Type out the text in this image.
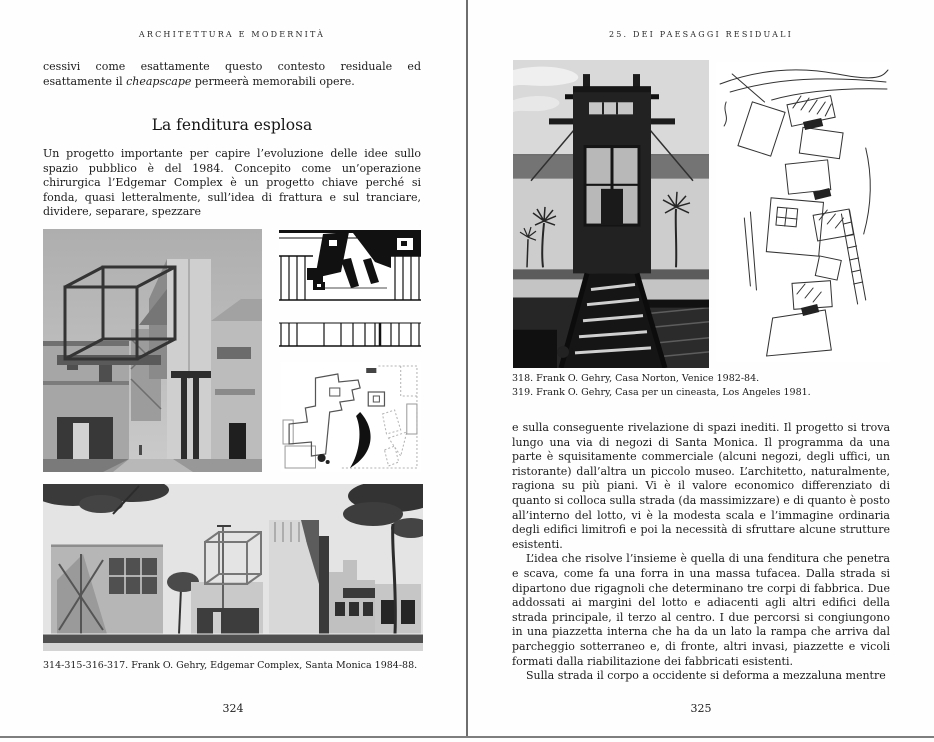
ARCHITETTURA E MODERNITÀ

cessivi come esattamente questo contesto residuale ed esattamente il cheapscape permeerà memorabili opere.

La fenditura esplosa

Un progetto importante per capire l’evoluzione delle idee sullo spazio pubblico è del 1984. Concepito come un’operazione chirurgica l’Edgemar Complex è un progetto chiave perché si fonda, quasi letteralmente, sull’idea di frattura e sul tranciare, dividere, separare, spezzare

314-315-316-317. Frank O. Gehry, Edgemar Complex, Santa Monica 1984-88.
324
25. DEI PAESAGGI RESIDUALI
318. Frank O. Gehry, Casa Norton, Venice 1982-84.
319. Frank O. Gehry, Casa per un cineasta, Los Angeles 1981.

e sulla conseguente rivelazione di spazi inediti. Il progetto si trova lungo una via di negozi di Santa Monica. Il programma da una parte è squisitamente commerciale (alcuni negozi, degli uffici, un ristorante) dall’altra un piccolo museo. L’architetto, naturalmente, ragiona su più piani. Vi è il valore economico differenziato di quanto si colloca sulla strada (da massimizzare) e di quanto è posto all’interno del lotto, vi è la modesta scala e l’immagine ordinaria degli edifici limitrofi e poi la necessità di sfruttare alcune strutture esistenti.

L’idea che risolve l’insieme è quella di una fenditura che penetra e scava, come fa una forra in una massa tufacea. Dalla strada si dipartono due rigagnoli che determinano tre corpi di fabbrica. Due addossati ai margini del lotto e adiacenti agli altri edifici della strada principale, il terzo al centro. I due percorsi si congiungono in una piazzetta interna che ha da un lato la rampa che arriva dal parcheggio sotterraneo e, di fronte, altri invasi, piazzette e vicoli formati dalla riabilitazione dei fabbricati esistenti.

Sulla strada il corpo a occidente si deforma a mezzaluna mentre

325
